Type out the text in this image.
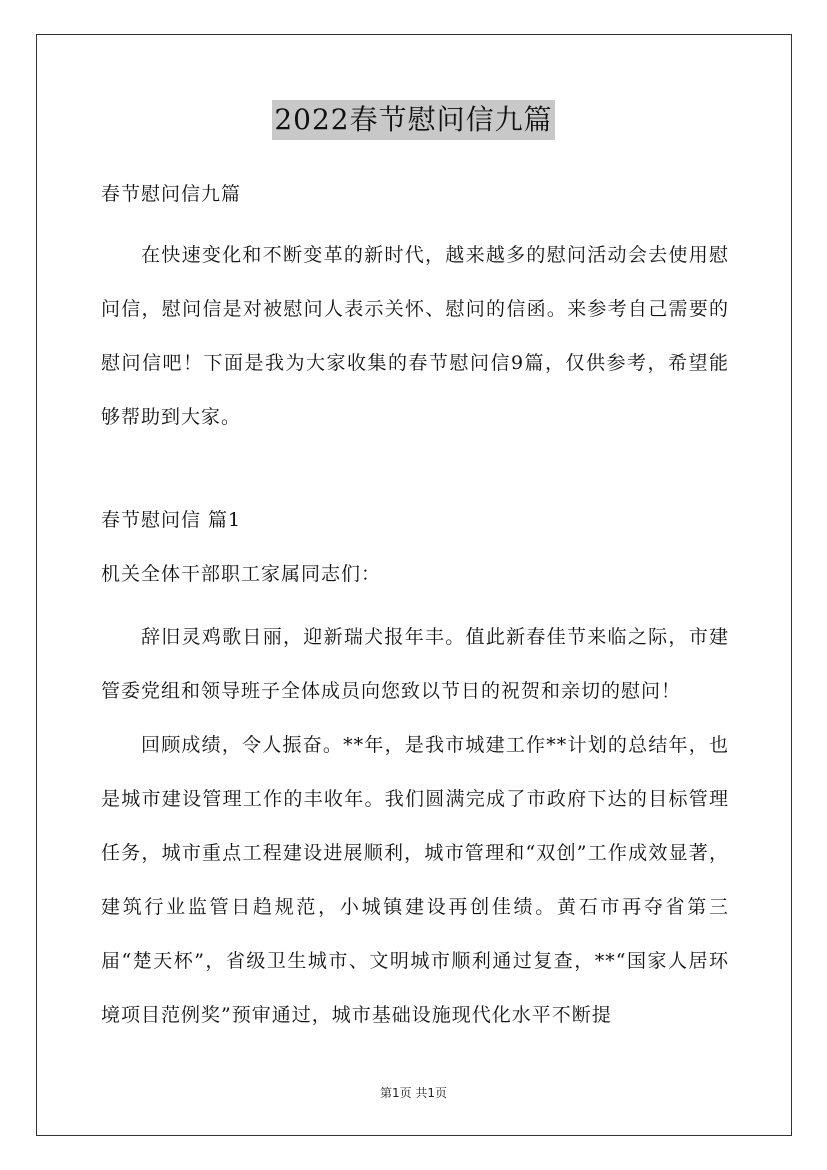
2022春节慰问信九篇
春节慰问信九篇
在快速变化和不断变革的新时代，越来越多的慰问活动会去使用慰问信，慰问信是对被慰问人表示关怀、慰问的信函。来参考自己需要的慰问信吧！下面是我为大家收集的春节慰问信9篇，仅供参考，希望能够帮助到大家。
春节慰问信 篇1
机关全体干部职工家属同志们：

辞旧灵鸡歌日丽，迎新瑞犬报年丰。值此新春佳节来临之际，市建管委党组和领导班子全体成员向您致以节日的祝贺和亲切的慰问！

回顾成绩，令人振奋。**年，是我市城建工作**计划的总结年，也是城市建设管理工作的丰收年。我们圆满完成了市政府下达的目标管理任务，城市重点工程建设进展顺利，城市管理和“双创”工作成效显著，建筑行业监管日趋规范，小城镇建设再创佳绩。黄石市再夺省第三届“楚天杯”，省级卫生城市、文明城市顺利通过复查，**“国家人居环境项目范例奖”预审通过，城市基础设施现代化水平不断提

第1页 共1页
